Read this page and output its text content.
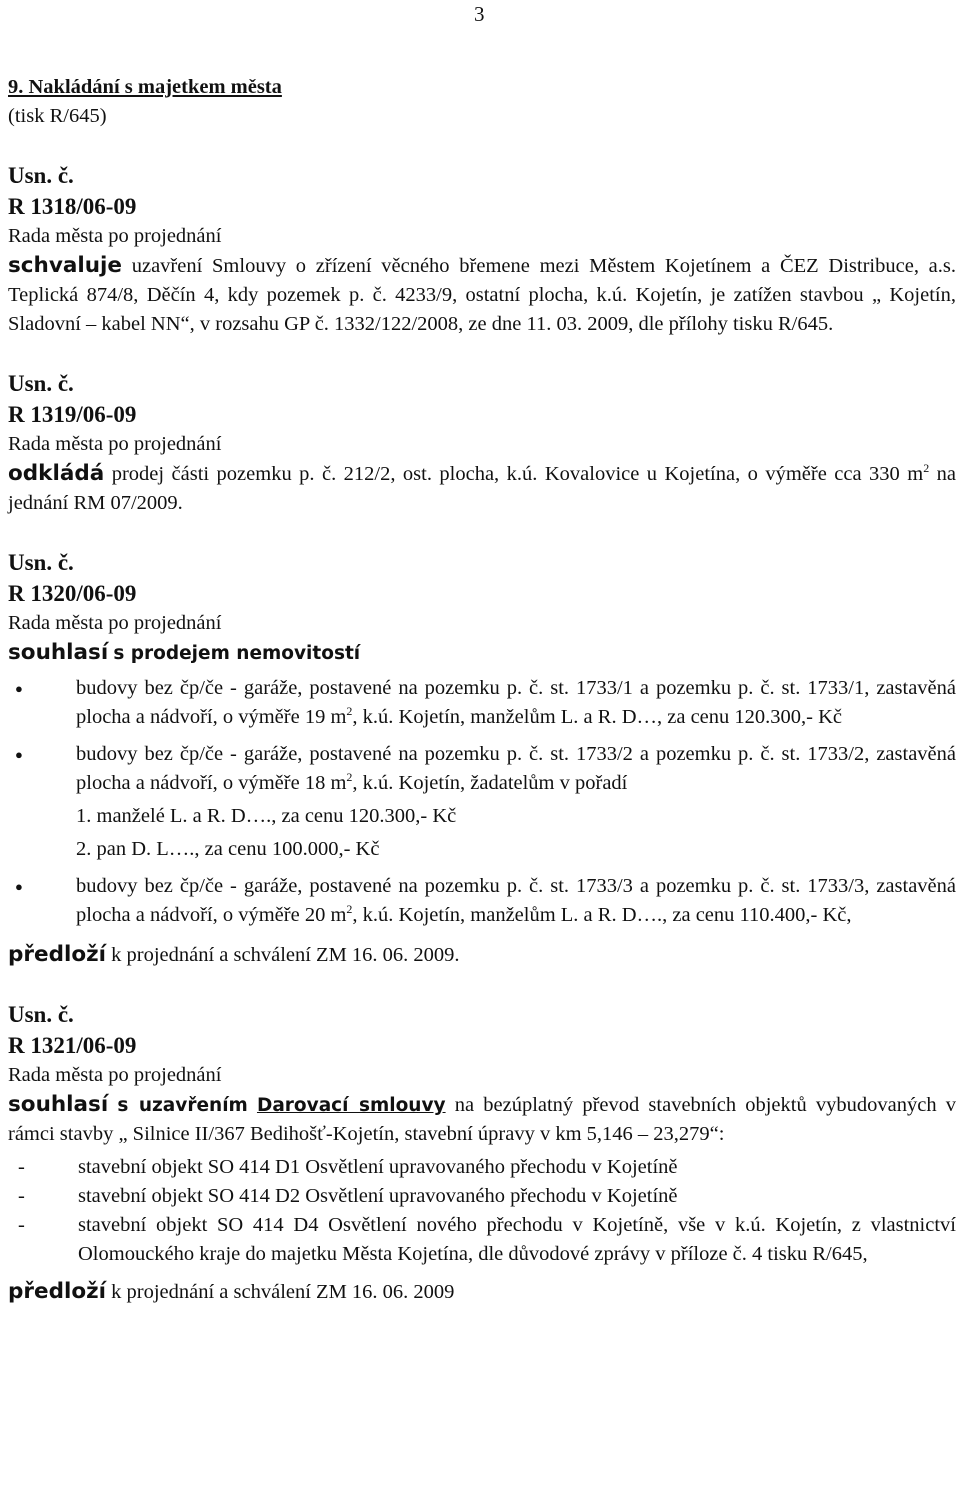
3
9. Nakládání s majetkem města
(tisk R/645)
Usn. č.
R 1318/06-09
Rada města po projednání
schvaluje uzavření Smlouvy o zřízení věcného břemene mezi Městem Kojetínem a ČEZ Distribuce, a.s. Teplická 874/8, Děčín 4, kdy pozemek p. č. 4233/9, ostatní plocha, k.ú. Kojetín, je zatížen stavbou „ Kojetín, Sladovní – kabel NN“, v rozsahu GP č. 1332/122/2008, ze dne 11. 03. 2009, dle přílohy tisku R/645.
Usn. č.
R 1319/06-09
Rada města po projednání
odkládá prodej části pozemku p. č. 212/2, ost. plocha, k.ú. Kovalovice u Kojetína, o výměře cca 330 $m^2$ na jednání RM 07/2009.
Usn. č.
R 1320/06-09
Rada města po projednání
souhlasí s prodejem nemovitostí
● budovy bez čp/če - garáže, postavené na pozemku p. č. st. 1733/1 a pozemku p. č. st. 1733/1, zastavěná plocha a nádvoří, o výměře 19 $m^2$, k.ú. Kojetín, manželům L. a R. D…, za cenu 120.300,- Kč
● budovy bez čp/če - garáže, postavené na pozemku p. č. st. 1733/2 a pozemku p. č. st. 1733/2, zastavěná plocha a nádvoří, o výměře 18 $m^2$, k.ú. Kojetín, žadatelům v pořadí
1. manželé L. a R. D…., za cenu 120.300,- Kč
2. pan D. L…., za cenu 100.000,- Kč
● budovy bez čp/če - garáže, postavené na pozemku p. č. st. 1733/3 a pozemku p. č. st. 1733/3, zastavěná plocha a nádvoří, o výměře 20 $m^2$, k.ú. Kojetín, manželům L. a R. D…., za cenu 110.400,- Kč,
předloží k projednání a schválení ZM 16. 06. 2009.
Usn. č.
R 1321/06-09
Rada města po projednání
souhlasí s uzavřením Darovací smlouvy na bezúplatný převod stavebních objektů vybudovaných v rámci stavby „ Silnice II/367 Bedihošť-Kojetín, stavební úpravy v km 5,146 – 23,279“:
- stavební objekt SO 414 D1 Osvětlení upravovaného přechodu v Kojetíně
- stavební objekt SO 414 D2 Osvětlení upravovaného přechodu v Kojetíně
- stavební objekt SO 414 D4 Osvětlení nového přechodu v Kojetíně, vše v k.ú. Kojetín, z vlastnictví Olomouckého kraje do majetku Města Kojetína, dle důvodové zprávy v příloze č. 4 tisku R/645,
předloží k projednání a schválení ZM 16. 06. 2009
